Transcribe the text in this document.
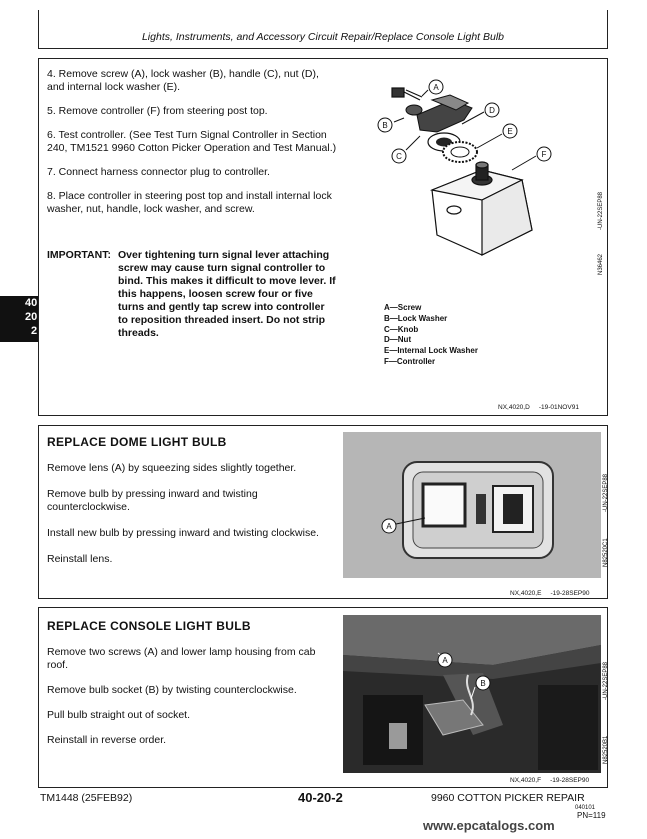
Lights, Instruments, and Accessory Circuit Repair/Replace Console Light Bulb
40
20
2

4. Remove screw (A), lock washer (B), handle (C), nut (D), and internal lock washer (E).

5. Remove controller (F) from steering post top.

6. Test controller. (See Test Turn Signal Controller in Section 240, TM1521 9960 Cotton Picker Operation and Test Manual.)

7. Connect harness connector plug to controller.

8. Place controller in steering post top and install internal lock washer, nut, handle, lock washer, and screw.

IMPORTANT: Over tightening turn signal lever attaching screw may cause turn signal controller to bind. This makes it difficult to move lever. If this happens, loosen screw four or five turns and gently tap screw into controller to reposition threaded insert. Do not strip threads.
A
B
C
D
E
F
-UN-22SEP88
N36462
A—Screw
B—Lock Washer
C—Knob
D—Nut
E—Internal Lock Washer
F—Controller
NX,4020,D     -19-01NOV91
REPLACE DOME LIGHT BULB

Remove lens (A) by squeezing sides slightly together.

Remove bulb by pressing inward and twisting counterclockwise.

Install new bulb by pressing inward and twisting clockwise.

Reinstall lens.

A
-UN-22SEP88
N82520C1
NX,4020,E     -19-28SEP90
REPLACE CONSOLE LIGHT BULB

Remove two screws (A) and lower lamp housing from cab roof.

Remove bulb socket (B) by twisting counterclockwise.

Pull bulb straight out of socket.

Reinstall in reverse order.

A
B	-UN-22SEP88
N82520B1
NX,4020,F     -19-28SEP90
TM1448 (25FEB92)	40-20-2	9960 COTTON PICKER REPAIR
040101
PN=119
www.epcatalogs.com
